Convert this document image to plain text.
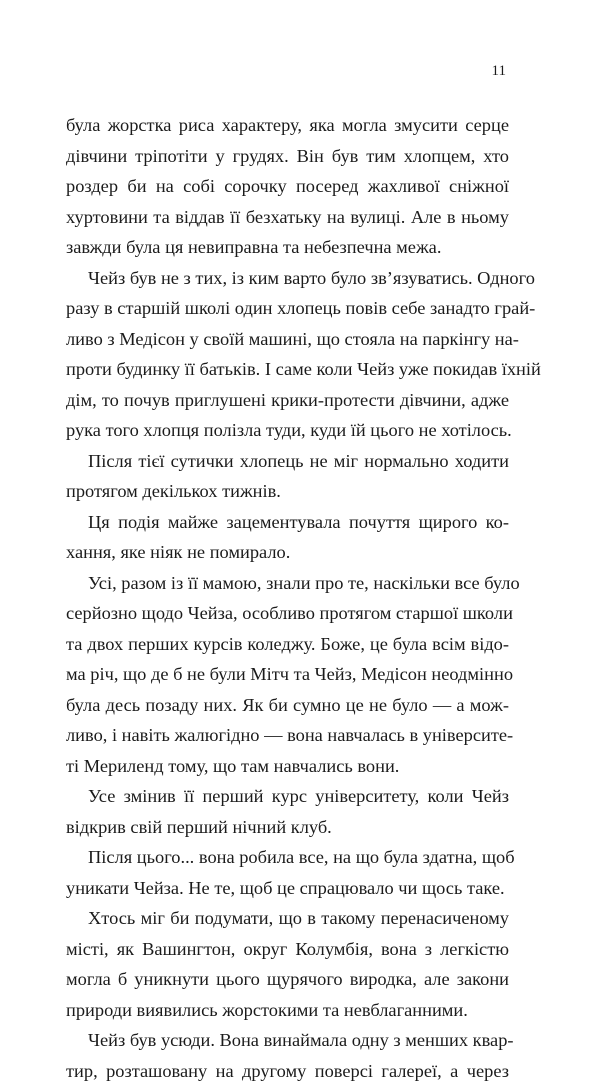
11

була жорстка риса характеру, яка могла змусити серце
дівчини тріпотіти у грудях. Він був тим хлопцем, хто
роздер би на собі сорочку посеред жахливої сніжної
хуртовини та віддав її безхатьку на вулиці. Але в ньому
завжди була ця невиправна та небезпечна межа.

Чейз був не з тих, із ким варто було зв’язуватись. Одного
разу в старшій школі один хлопець повів себе занадто грай-
ливо з Медісон у своїй машині, що стояла на паркінгу на-
проти будинку її батьків. І саме коли Чейз уже покидав їхній
дім, то почув приглушені крики-протести дівчини, адже
рука того хлопця полізла туди, куди їй цього не хотілось.

Після тієї сутички хлопець не міг нормально ходити
протягом декількох тижнів.

Ця подія майже зацементувала почуття щирого ко-
хання, яке ніяк не помирало.

Усі, разом із її мамою, знали про те, наскільки все було
серйозно щодо Чейза, особливо протягом старшої школи
та двох перших курсів коледжу. Боже, це була всім відо-
ма річ, що де б не були Мітч та Чейз, Медісон неодмінно
була десь позаду них. Як би сумно це не було — а мож-
ливо, і навіть жалюгідно — вона навчалась в університе-
ті Мериленд тому, що там навчались вони.

Усе змінив її перший курс університету, коли Чейз
відкрив свій перший нічний клуб.

Після цього... вона робила все, на що була здатна, щоб
уникати Чейза. Не те, щоб це спрацювало чи щось таке.

Хтось міг би подумати, що в такому перенасиченому
місті, як Вашингтон, округ Колумбія, вона з легкістю
могла б уникнути цього щурячого виродка, але закони
природи виявились жорстокими та невблаганними.

Чейз був усюди. Вона винаймала одну з менших квар-
тир, розташовану на другому поверсі галереї, а через
